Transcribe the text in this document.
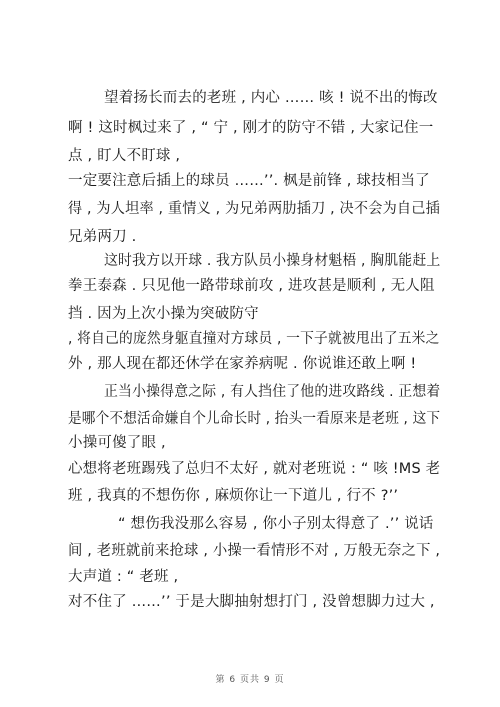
望着扬长而去的老班 , 内心 …… 咳 ! 说不出的悔改
啊 ! 这时枫过来了 , “ 宁 , 刚才的防守不错 , 大家记住一
点 , 盯人不盯球 ,
一定要注意后插上的球员 ……’’. 枫是前锋 , 球技相当了
得 , 为人坦率 , 重情义 , 为兄弟两肋插刀 , 决不会为自己插
兄弟两刀 .
这时我方以开球 . 我方队员小操身材魁梧 , 胸肌能赶上
拳王泰森 . 只见他一路带球前攻 , 进攻甚是顺利 , 无人阻
挡 . 因为上次小操为突破防守
, 将自己的庞然身躯直撞对方球员 , 一下子就被甩出了五米之
外 , 那人现在都还休学在家养病呢 . 你说谁还敢上啊 !
正当小操得意之际 , 有人挡住了他的进攻路线 . 正想着
是哪个不想活命嫌自个儿命长时 , 抬头一看原来是老班 , 这下
小操可傻了眼 ,
心想将老班踢残了总归不太好 , 就对老班说 : “ 咳 !MS 老
班 , 我真的不想伤你 , 麻烦你让一下道儿 , 行不 ?’’
“ 想伤我没那么容易 , 你小子别太得意了 .’’ 说话
间 , 老班就前来抢球 , 小操一看情形不对 , 万般无奈之下 ,
大声道 : “ 老班 ,
对不住了 ……’’ 于是大脚抽射想打门 , 没曾想脚力过大 ,
第 6 页共 9 页
